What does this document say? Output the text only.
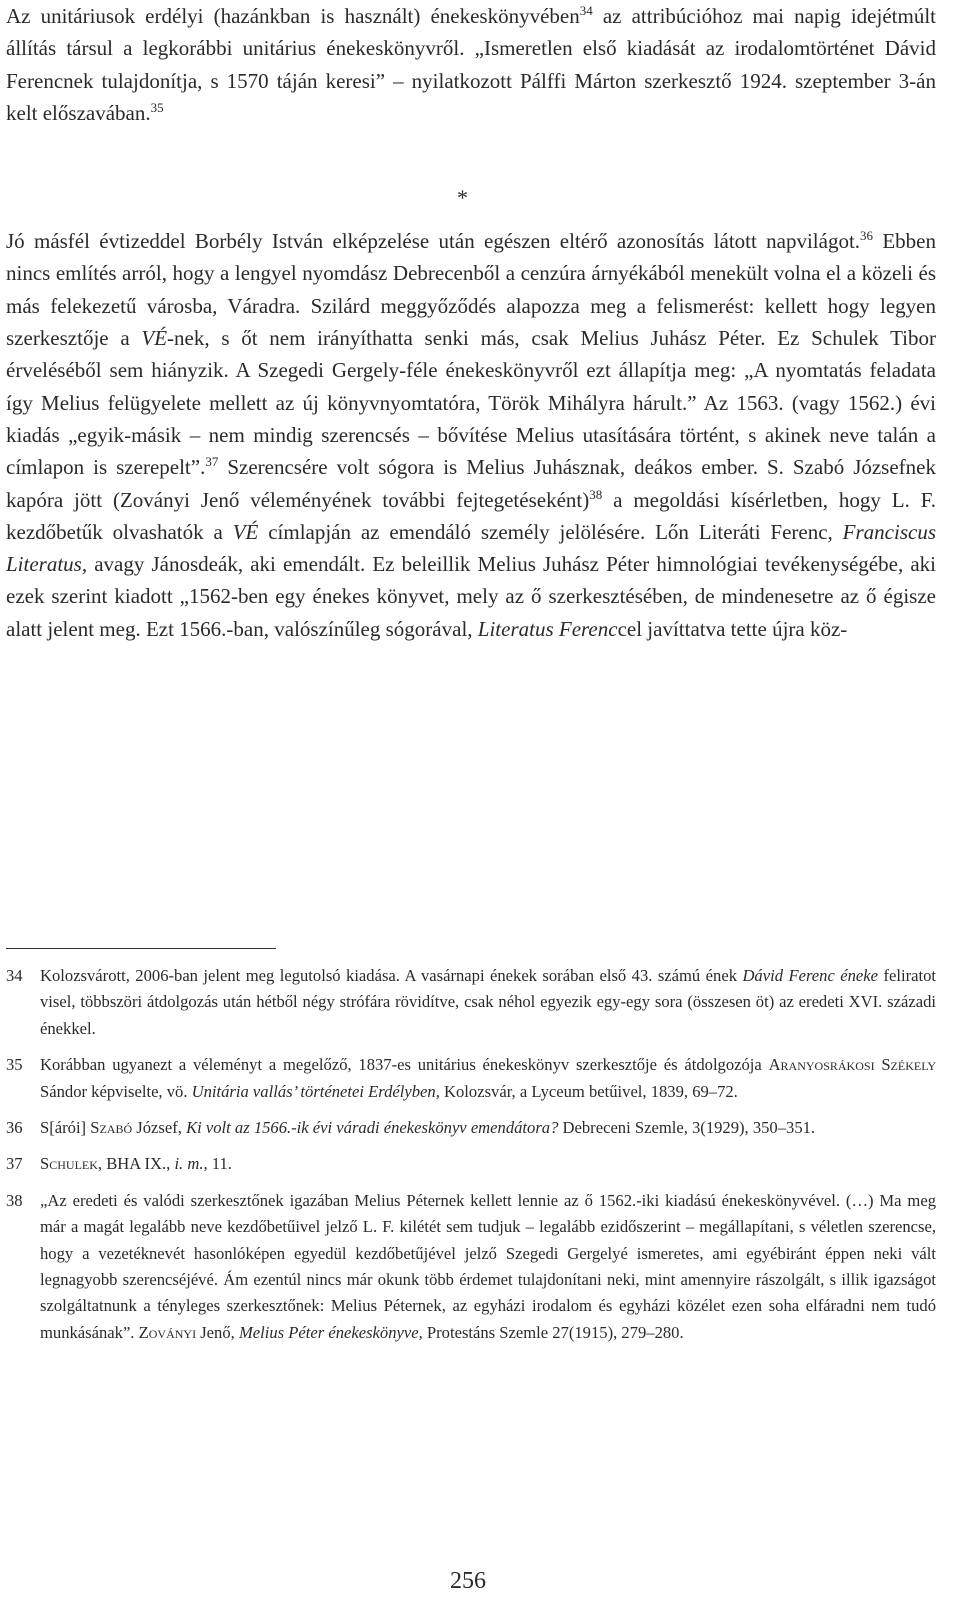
Az unitáriusok erdélyi (hazánkban is használt) énekeskönyvében$^{34}$ az attribúcióhoz mai napig idejétmúlt állítás társul a legkorábbi unitárius énekeskönyvről. „Ismeretlen első kiadását az irodalomtörténet Dávid Ferencnek tulajdonítja, s 1570 táján keresi” – nyilatkozott Pálffi Márton szerkesztő 1924. szeptember 3-án kelt előszavában.$^{35}$

*

Jó másfél évtizeddel Borbély István elképzelése után egészen eltérő azonosítás látott napvilágot.$^{36}$ Ebben nincs említés arról, hogy a lengyel nyomdász Debrecenből a cenzúra árnyékából menekült volna el a közeli és más felekezetű városba, Váradra. Szilárd meggyőződés alapozza meg a felismerést: kellett hogy legyen szerkesztője a VÉ-nek, s őt nem irányíthatta senki más, csak Melius Juhász Péter. Ez Schulek Tibor érveléséből sem hiányzik. A Szegedi Gergely-féle énekeskönyvről ezt állapítja meg: „A nyomtatás feladata így Melius felügyelete mellett az új könyvnyomtatóra, Török Mihályra hárult.” Az 1563. (vagy 1562.) évi kiadás „egyik-másik – nem mindig szerencsés – bővítése Melius utasítására történt, s akinek neve talán a címlapon is szerepelt”.$^{37}$ Szerencsére volt sógora is Melius Juhásznak, deákos ember. S. Szabó Józsefnek kapóra jött (Zoványi Jenő véleményének további fejtegetéseként)$^{38}$ a megoldási kísérletben, hogy L. F. kezdőbetűk olvashatók a VÉ címlapján az emendáló személy jelölésére. Lőn Literáti Ferenc, Franciscus Literatus, avagy Jánosdeák, aki emendált. Ez beleillik Melius Juhász Péter himnológiai tevékenységébe, aki ezek szerint kiadott „1562-ben egy énekes könyvet, mely az ő szerkesztésében, de mindenesetre az ő égisze alatt jelent meg. Ezt 1566.-ban, valószínűleg sógorával, Literatus Ferenccel javíttatva tette újra köz-

34	Kolozsvárott, 2006-ban jelent meg legutolsó kiadása. A vasárnapi énekek sorában első 43. számú ének Dávid Ferenc éneke feliratot visel, többszöri átdolgozás után hétből négy strófára rövidítve, csak néhol egyezik egy-egy sora (összesen öt) az eredeti XVI. századi énekkel.
35	Korábban ugyanezt a véleményt a megelőző, 1837-es unitárius énekeskönyv szerkesztője és átdolgozója Aranyosrákosi Székely Sándor képviselte, vö. Unitária vallás’ történetei Erdélyben, Kolozsvár, a Lyceum betűivel, 1839, 69–72.
36	S[árói] Szabó József, Ki volt az 1566.-ik évi váradi énekeskönyv emendátora? Debreceni Szemle, 3(1929), 350–351.
37	Schulek, BHA IX., i. m., 11.
38	„Az eredeti és valódi szerkesztőnek igazában Melius Péternek kellett lennie az ő 1562.-iki kiadású énekeskönyvével. (…) Ma meg már a magát legalább neve kezdőbetűivel jelző L. F. kilétét sem tudjuk – legalább ezidőszerint – megállapítani, s véletlen szerencse, hogy a vezetéknevét hasonlóképen egyedül kezdőbetűjével jelző Szegedi Gergelyé ismeretes, ami egyébiránt éppen neki vált legnagyobb szerencséjévé. Ám ezentúl nincs már okunk több érdemet tulajdonítani neki, mint amennyire rászolgált, s illik igazságot szolgáltatnunk a tényleges szerkesztőnek: Melius Péternek, az egyházi irodalom és egyházi közélet ezen soha elfáradni nem tudó munkásának”. Zoványi Jenő, Melius Péter énekeskönyve, Protestáns Szemle 27(1915), 279–280.
256
